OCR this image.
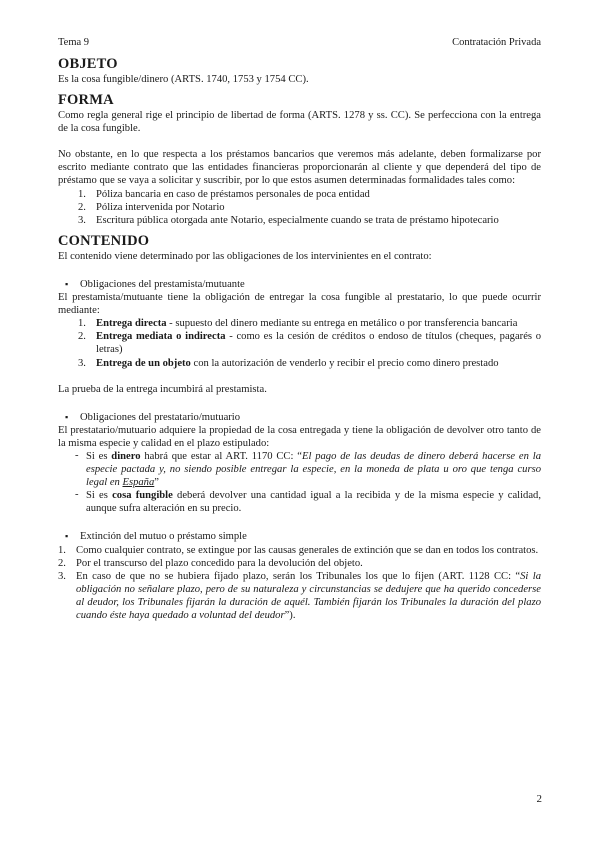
Tema 9	Contratación Privada
OBJETO

Es la cosa fungible/dinero (ARTS. 1740, 1753 y 1754 CC).

FORMA

Como regla general rige el principio de libertad de forma (ARTS. 1278 y ss. CC). Se perfecciona con la entrega de la cosa fungible.

No obstante, en lo que respecta a los préstamos bancarios que veremos más adelante, deben formalizarse por escrito mediante contrato que las entidades financieras proporcionarán al cliente y que dependerá del tipo de préstamo que se vaya a solicitar y suscribir, por lo que estos asumen determinadas formalidades tales como:

1. Póliza bancaria en caso de préstamos personales de poca entidad
2. Póliza intervenida por Notario
3. Escritura pública otorgada ante Notario, especialmente cuando se trata de préstamo hipotecario
CONTENIDO

El contenido viene determinado por las obligaciones de los intervinientes en el contrato:

▪ Obligaciones del prestamista/mutuante

El prestamista/mutuante tiene la obligación de entregar la cosa fungible al prestatario, lo que puede ocurrir mediante:

1. Entrega directa - supuesto del dinero mediante su entrega en metálico o por transferencia bancaria
2. Entrega mediata o indirecta - como es la cesión de créditos o endoso de títulos (cheques, pagarés o letras)
3. Entrega de un objeto con la autorización de venderlo y recibir el precio como dinero prestado

La prueba de la entrega incumbirá al prestamista.

▪ Obligaciones del prestatario/mutuario

El prestatario/mutuario adquiere la propiedad de la cosa entregada y tiene la obligación de devolver otro tanto de la misma especie y calidad en el plazo estipulado:

- Si es dinero habrá que estar al ART. 1170 CC: “El pago de las deudas de dinero deberá hacerse en la especie pactada y, no siendo posible entregar la especie, en la moneda de plata u oro que tenga curso legal en España”
- Si es cosa fungible deberá devolver una cantidad igual a la recibida y de la misma especie y calidad, aunque sufra alteración en su precio.
▪ Extinción del mutuo o préstamo simple
1. Como cualquier contrato, se extingue por las causas generales de extinción que se dan en todos los contratos.
2. Por el transcurso del plazo concedido para la devolución del objeto.
3. En caso de que no se hubiera fijado plazo, serán los Tribunales los que lo fijen (ART. 1128 CC: “Si la obligación no señalare plazo, pero de su naturaleza y circunstancias se dedujere que ha querido concederse al deudor, los Tribunales fijarán la duración de aquél. También fijarán los Tribunales la duración del plazo cuando éste haya quedado a voluntad del deudor”).
2
